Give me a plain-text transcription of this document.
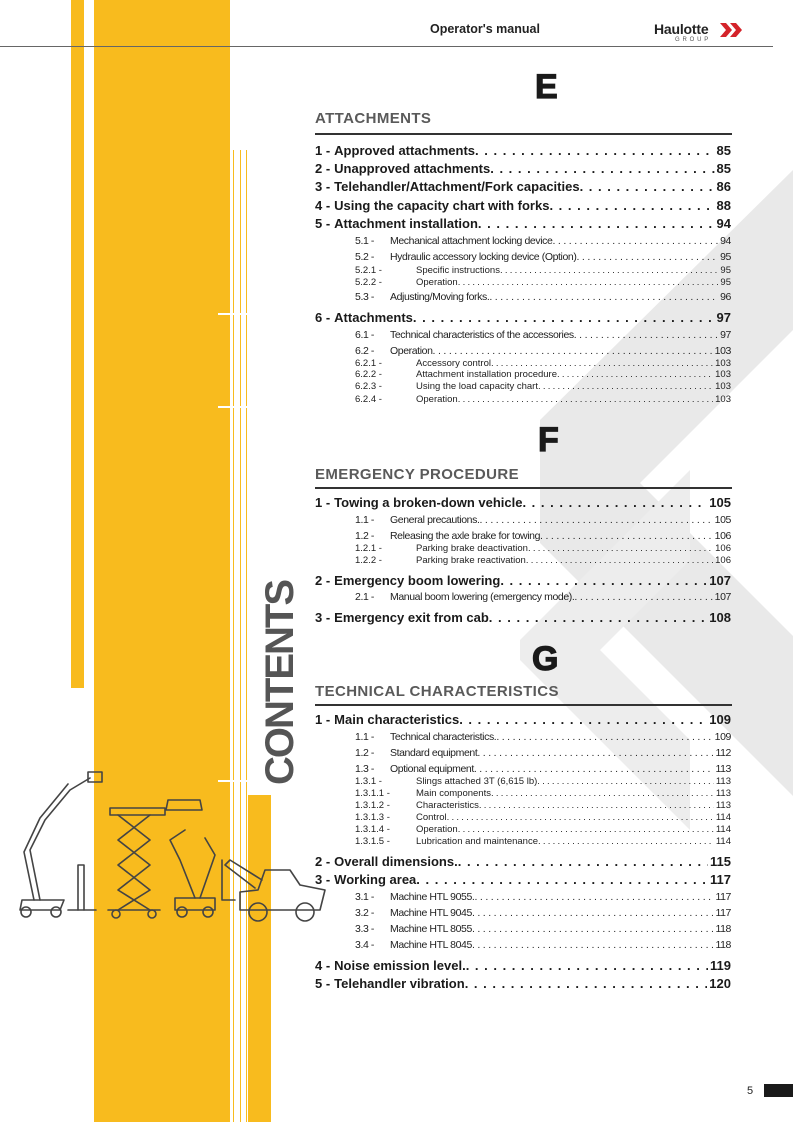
CONTENTS
Operator's manual	Haulotte
GROUP
E
ATTACHMENTS
1 - Approved attachments . . .	85
2 - Unapproved attachments . . .	85
3 - Telehandler/Attachment/Fork capacities . . .	86
4 - Using the capacity chart with forks . . .	88
5 - Attachment installation . . .	94
5.1 -	Mechanical attachment locking device . . .	94
5.2 -	Hydraulic accessory locking device (Option) . . .	95
5.2.1 -	Specific instructions . . .	95
5.2.2 -	Operation . . .	95
5.3 -	Adjusting/Moving forks. . . .	96
6 - Attachments . . .	97
6.1 -	Technical characteristics of the accessories . . .	97
6.2 -	Operation . . .	103
6.2.1 -	Accessory control . . .	103
6.2.2 -	Attachment installation procedure . . .	103
6.2.3 -	Using the load capacity chart . . .	103
6.2.4 -	Operation . . .	103
F
EMERGENCY PROCEDURE
1 - Towing a broken-down vehicle . . .	105
1.1 -	General precautions. . . .	105
1.2 -	Releasing the axle brake for towing . . .	106
1.2.1 -	Parking brake deactivation . . .	106
1.2.2 -	Parking brake reactivation . . .	106
2 - Emergency boom lowering . . .	107
2.1 -	Manual boom lowering (emergency mode). . . .	107
3 - Emergency exit from cab . . .	108
G
TECHNICAL CHARACTERISTICS
1 - Main characteristics . . .	109
1.1 -	Technical characteristics. . . .	109
1.2 -	Standard equipment . . .	112
1.3 -	Optional equipment . . .	113
1.3.1 -	Slings attached 3T (6,615 lb) . . .	113
1.3.1.1 -	Main components . . .	113
1.3.1.2 -	Characteristics . . .	113
1.3.1.3 -	Control . . .	114
1.3.1.4 -	Operation . . .	114
1.3.1.5 -	Lubrication and maintenance . . .	114
2 - Overall dimensions. . . .	115
3 - Working area . . .	117
3.1 -	Machine HTL 9055. . . .	117
3.2 -	Machine HTL 9045 . . .	117
3.3 -	Machine HTL 8055 . . .	118
3.4 -	Machine HTL 8045 . . .	118
4 - Noise emission level. . . .	119
5 - Telehandler vibration . . .	120
5
